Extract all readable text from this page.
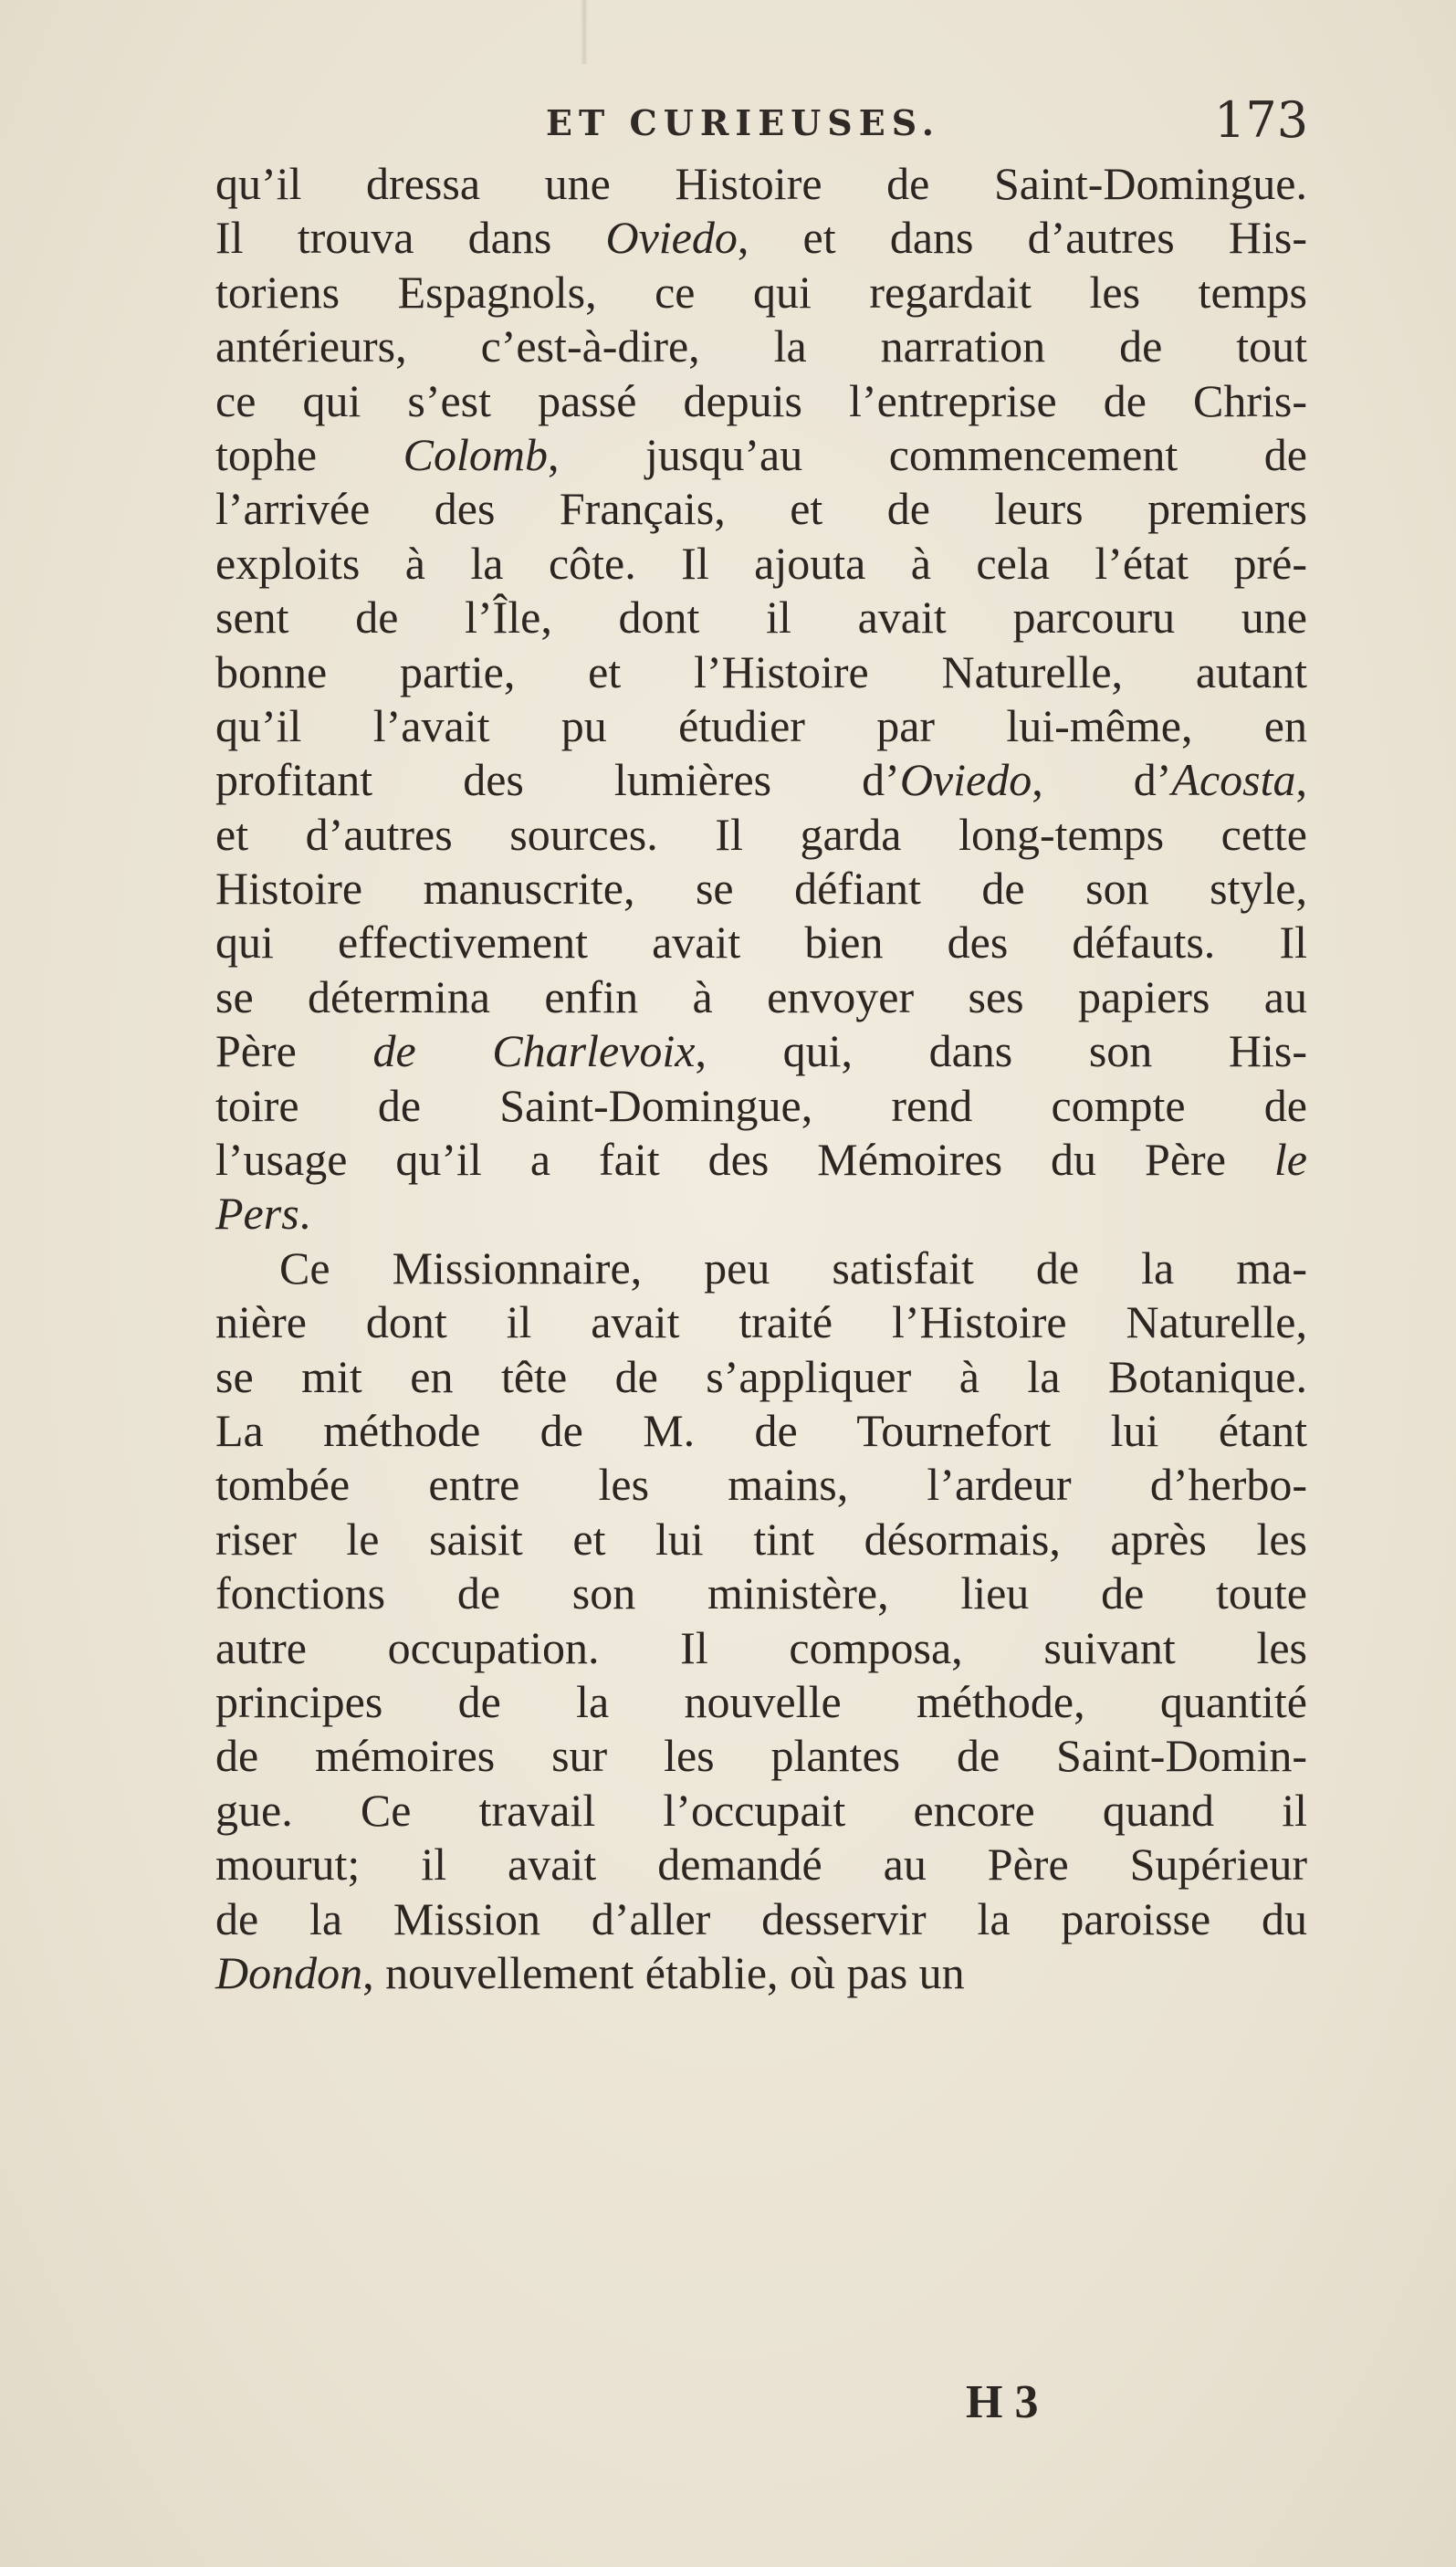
ET CURIEUSES.	173
qu’il dressa une Histoire de Saint-Domingue.
Il trouva dans Oviedo, et dans d’autres His-
toriens Espagnols, ce qui regardait les temps
antérieurs, c’est-à-dire, la narration de tout
ce qui s’est passé depuis l’entreprise de Chris-
tophe Colomb, jusqu’au commencement de
l’arrivée des Français, et de leurs premiers
exploits à la côte. Il ajouta à cela l’état pré-
sent de l’Île, dont il avait parcouru une
bonne partie, et l’Histoire Naturelle, autant
qu’il l’avait pu étudier par lui-même, en
profitant des lumières d’Oviedo, d’Acosta,
et d’autres sources. Il garda long-temps cette
Histoire manuscrite, se défiant de son style,
qui effectivement avait bien des défauts. Il
se détermina enfin à envoyer ses papiers au
Père de Charlevoix, qui, dans son His-
toire de Saint-Domingue, rend compte de
l’usage qu’il a fait des Mémoires du Père le
Pers.
Ce Missionnaire, peu satisfait de la ma-
nière dont il avait traité l’Histoire Naturelle,
se mit en tête de s’appliquer à la Botanique.
La méthode de M. de Tournefort lui étant
tombée entre les mains, l’ardeur d’herbo-
riser le saisit et lui tint désormais, après les
fonctions de son ministère, lieu de toute
autre occupation. Il composa, suivant les
principes de la nouvelle méthode, quantité
de mémoires sur les plantes de Saint-Domin-
gue. Ce travail l’occupait encore quand il
mourut; il avait demandé au Père Supérieur
de la Mission d’aller desservir la paroisse du
Dondon, nouvellement établie, où pas un
H 3
